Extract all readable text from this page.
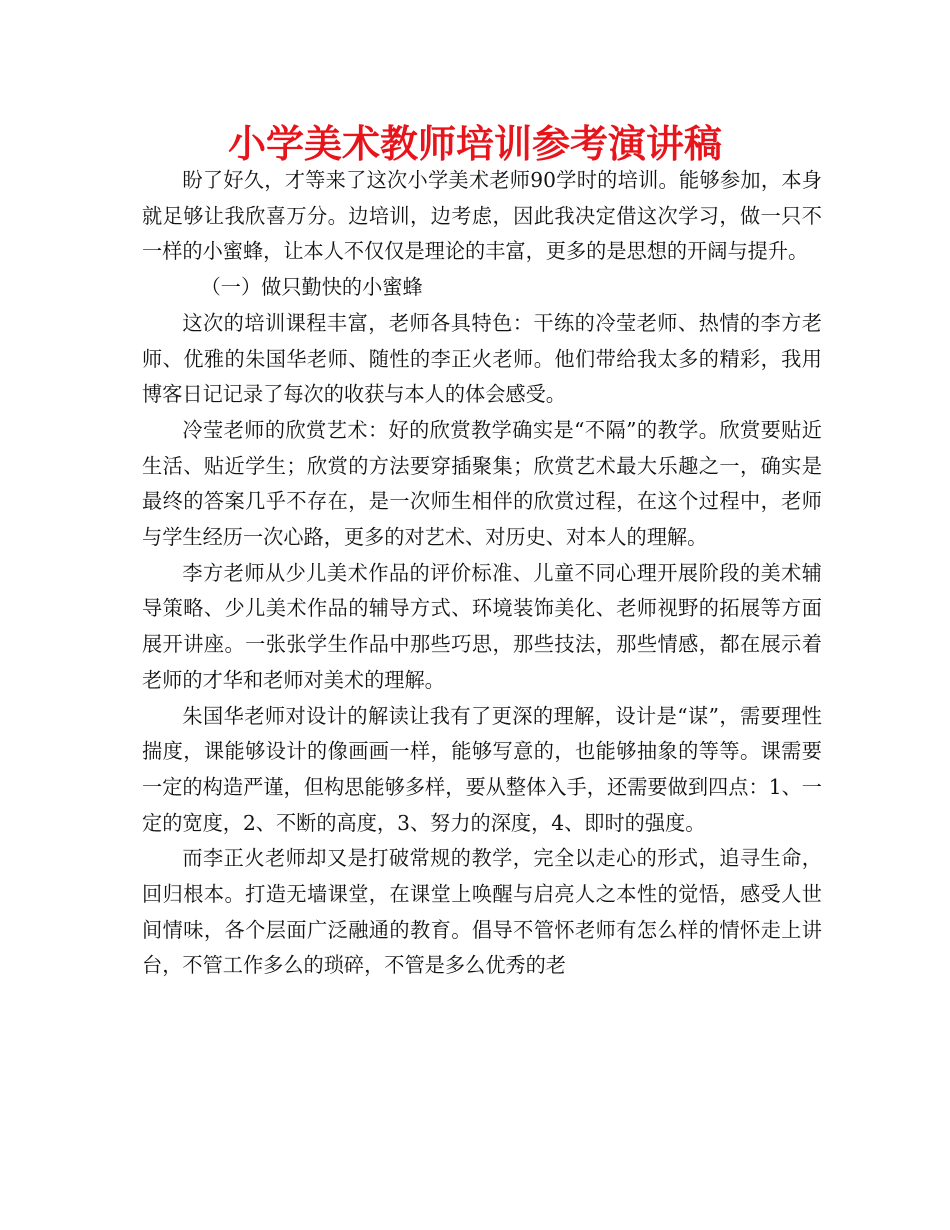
小学美术教师培训参考演讲稿

盼了好久，才等来了这次小学美术老师90学时的培训。能够参加，本身就足够让我欣喜万分。边培训，边考虑，因此我决定借这次学习，做一只不一样的小蜜蜂，让本人不仅仅是理论的丰富，更多的是思想的开阔与提升。

（一）做只勤快的小蜜蜂

这次的培训课程丰富，老师各具特色：干练的冷莹老师、热情的李方老师、优雅的朱国华老师、随性的李正火老师。他们带给我太多的精彩，我用博客日记记录了每次的收获与本人的体会感受。

冷莹老师的欣赏艺术：好的欣赏教学确实是“不隔”的教学。欣赏要贴近生活、贴近学生；欣赏的方法要穿插聚集；欣赏艺术最大乐趣之一，确实是最终的答案几乎不存在，是一次师生相伴的欣赏过程，在这个过程中，老师与学生经历一次心路，更多的对艺术、对历史、对本人的理解。

李方老师从少儿美术作品的评价标准、儿童不同心理开展阶段的美术辅导策略、少儿美术作品的辅导方式、环境装饰美化、老师视野的拓展等方面展开讲座。一张张学生作品中那些巧思，那些技法，那些情感，都在展示着老师的才华和老师对美术的理解。

朱国华老师对设计的解读让我有了更深的理解，设计是“谋”，需要理性揣度，课能够设计的像画画一样，能够写意的，也能够抽象的等等。课需要一定的构造严谨，但构思能够多样，要从整体入手，还需要做到四点：1、一定的宽度，2、不断的高度，3、努力的深度，4、即时的强度。

而李正火老师却又是打破常规的教学，完全以走心的形式，追寻生命，回归根本。打造无墙课堂，在课堂上唤醒与启亮人之本性的觉悟，感受人世间情味，各个层面广泛融通的教育。倡导不管怀老师有怎么样的情怀走上讲台，不管工作多么的琐碎，不管是多么优秀的老
